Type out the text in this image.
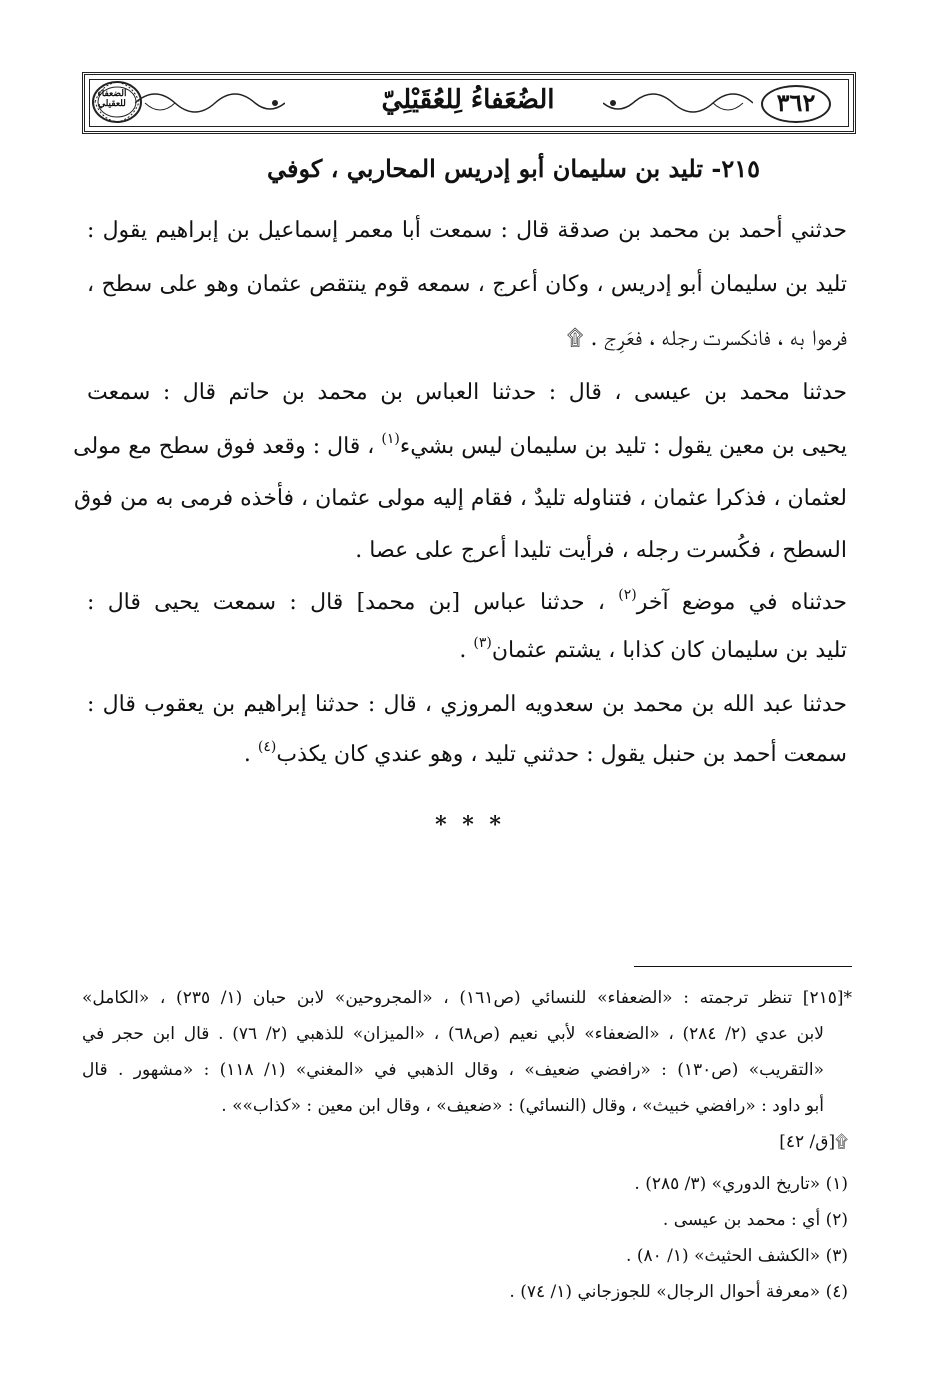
الضعفاء للعقيلي	الضُعَفاءُ لِلعُقَيْلِيّ	٣٦٢
٢١٥- تليد بن سليمان أبو إدريس المحاربي ، كوفي
حدثني أحمد بن محمد بن صدقة قال : سمعت أبا معمر إسماعيل بن إبراهيم يقول :
تليد بن سليمان أبو إدريس ، وكان أعرج ، سمعه قوم ينتقص عثمان وهو على سطح ،
فرموا به ، فانكسرت رجله ، فعَرِج . ۩
حدثنا محمد بن عيسى ، قال : حدثنا العباس بن محمد بن حاتم قال : سمعت
يحيى بن معين يقول : تليد بن سليمان ليس بشيء$^{(١)}$ ، قال : وقعد فوق سطح مع مولى
لعثمان ، فذكرا عثمان ، فتناوله تليدٌ ، فقام إليه مولى عثمان ، فأخذه فرمى به من فوق
السطح ، فكُسرت رجله ، فرأيت تليدا أعرج على عصا .
حدثناه في موضع آخر$^{(٢)}$ ، حدثنا عباس [بن محمد] قال : سمعت يحيى قال :
تليد بن سليمان كان كذابا ، يشتم عثمان$^{(٣)}$ .
حدثنا عبد الله بن محمد بن سعدويه المروزي ، قال : حدثنا إبراهيم بن يعقوب قال :
سمعت أحمد بن حنبل يقول : حدثني تليد ، وهو عندي كان يكذب$^{(٤)}$ .
* * *
*[٢١٥] تنظر ترجمته : «الضعفاء» للنسائي (ص١٦١) ، «المجروحين» لابن حبان (١/ ٢٣٥) ، «الكامل»
لابن عدي (٢/ ٢٨٤) ، «الضعفاء» لأبي نعيم (ص٦٨) ، «الميزان» للذهبي (٢/ ٧٦) . قال ابن حجر في
«التقريب» (ص١٣٠) : «رافضي ضعيف» ، وقال الذهبي في «المغني» (١/ ١١٨) : «مشهور . قال
أبو داود : «رافضي خبيث» ، وقال (النسائي) : «ضعيف» ، وقال ابن معين : «كذاب»» .
۩[ق/ ٤٢]
(١) «تاريخ الدوري» (٣/ ٢٨٥) .
(٢) أي : محمد بن عيسى .
(٣) «الكشف الحثيث» (١/ ٨٠) .
(٤) «معرفة أحوال الرجال» للجوزجاني (١/ ٧٤) .
